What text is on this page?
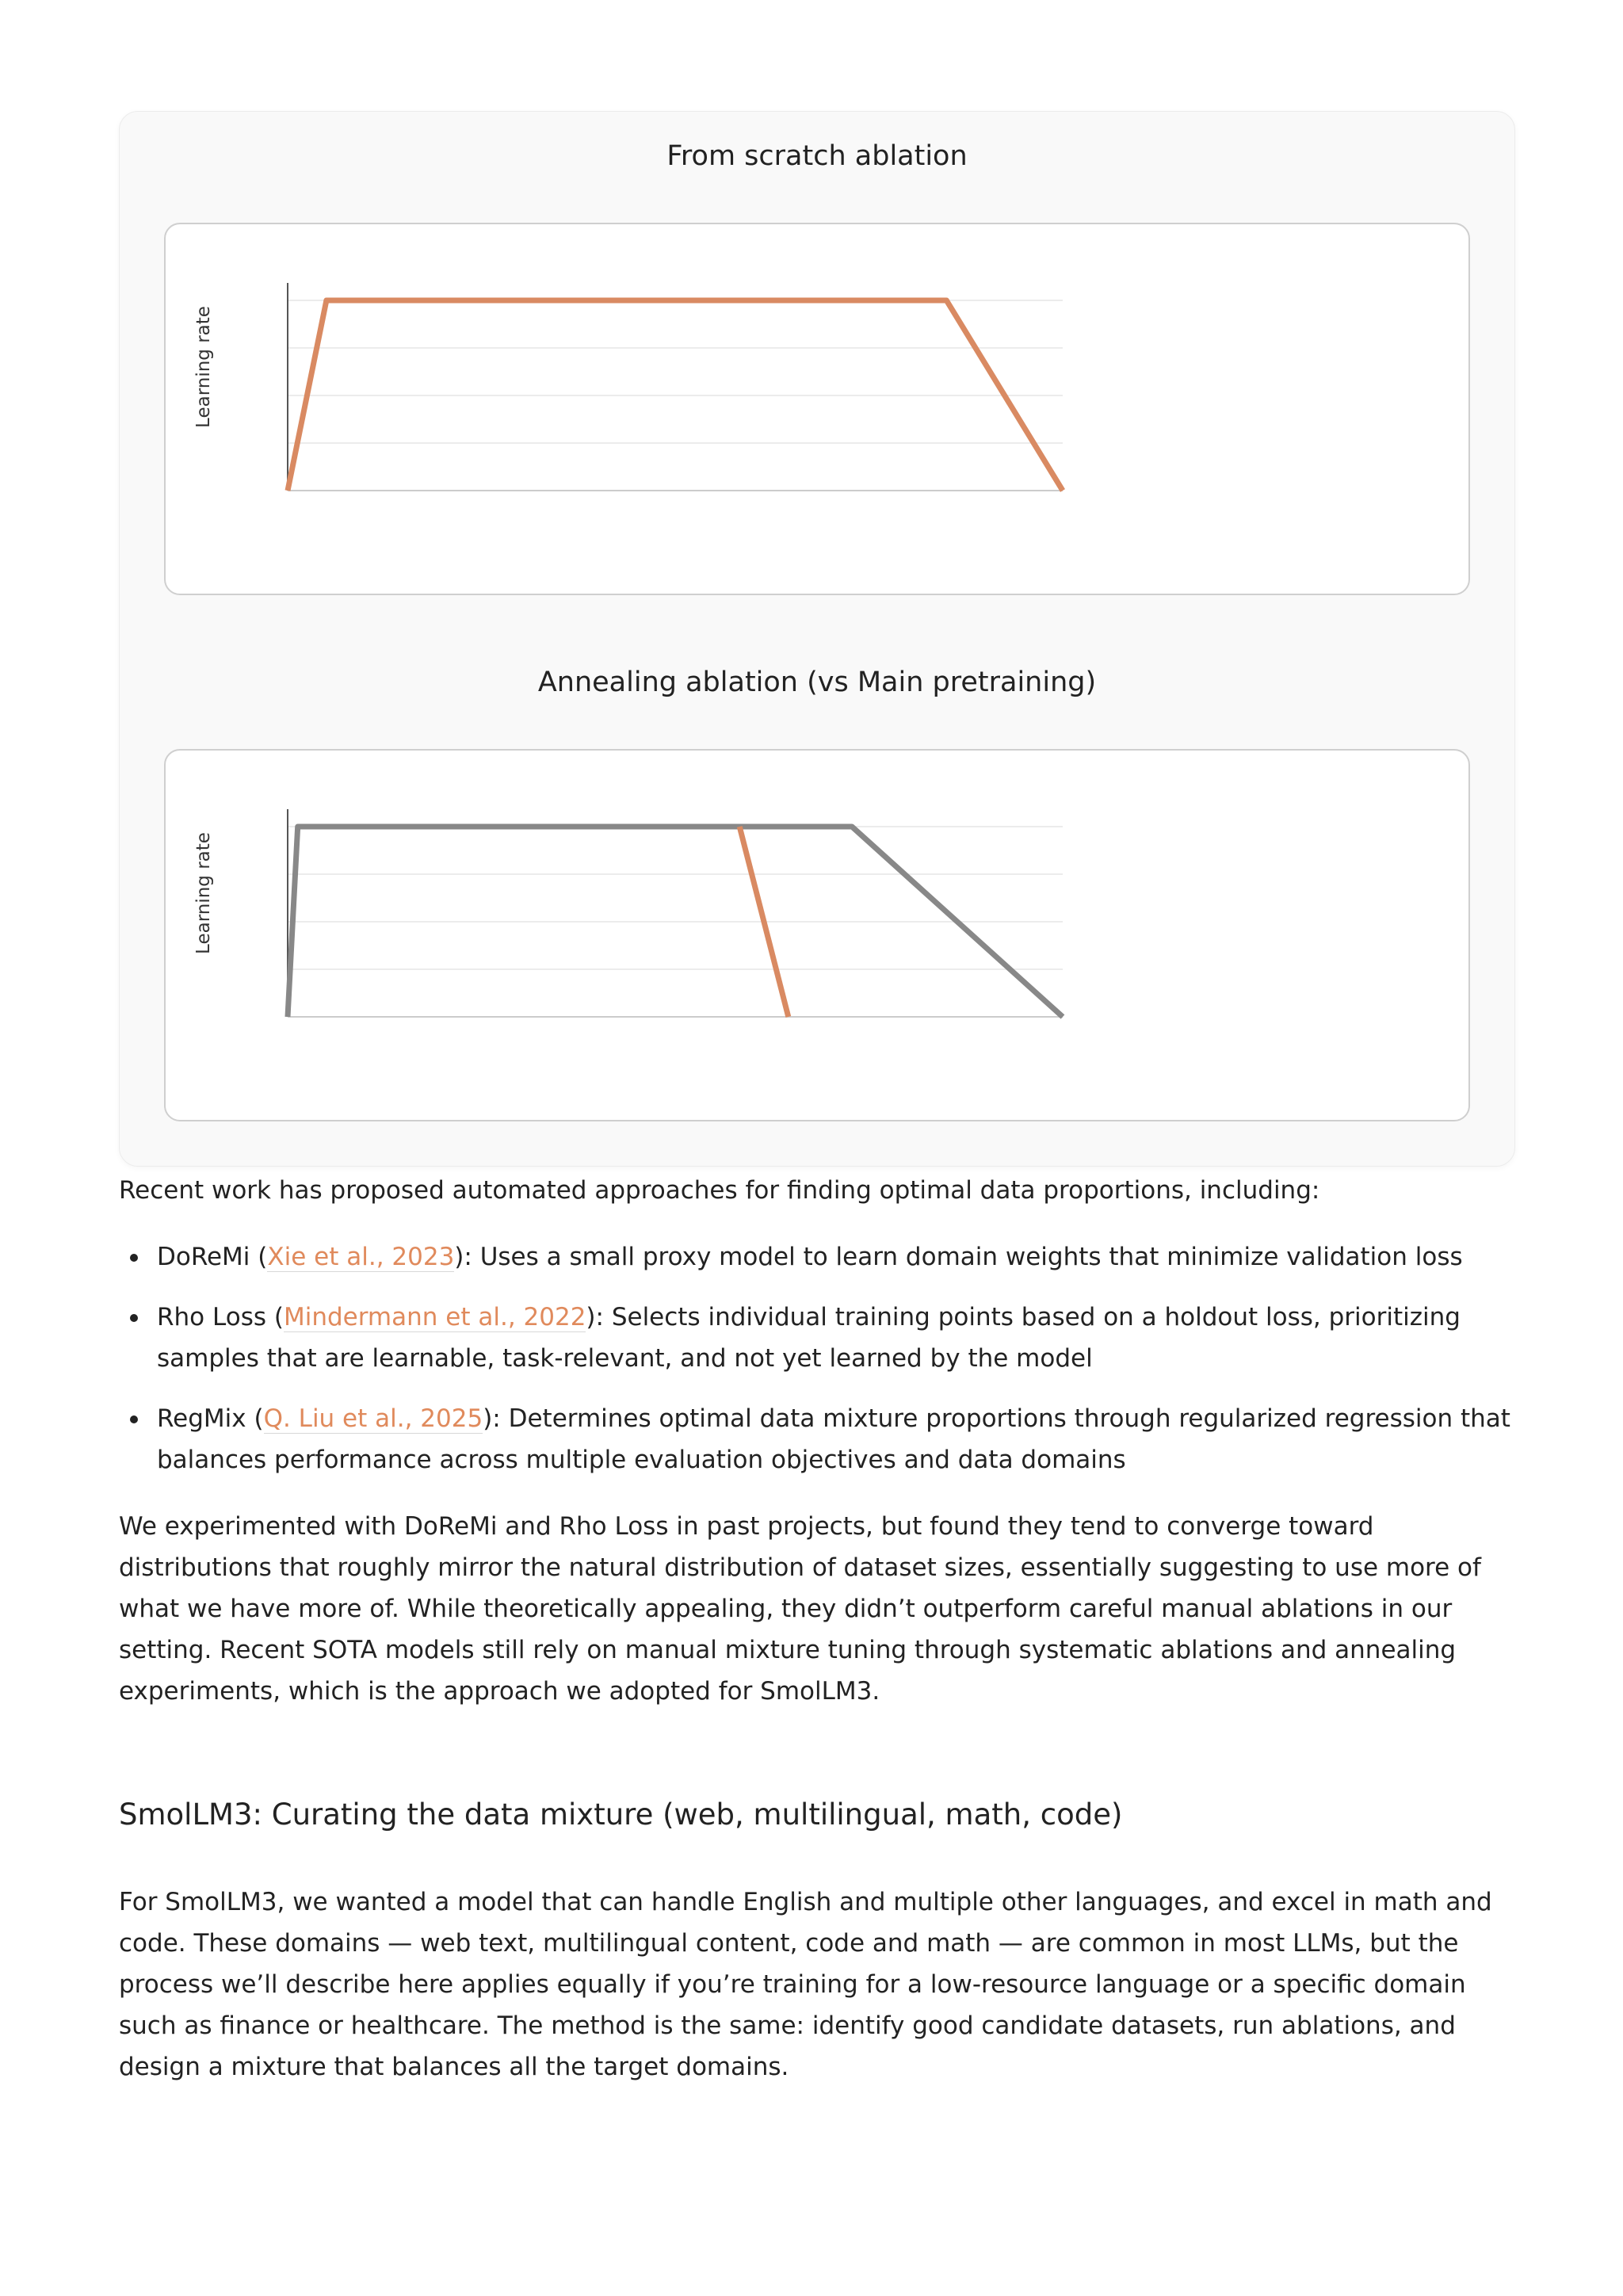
From scratch ablation
Learning rate
Annealing ablation (vs Main pretraining)
Learning rate

Recent work has proposed automated approaches for finding optimal data proportions, including:

DoReMi (Xie et al., 2023): Uses a small proxy model to learn domain weights that minimize validation loss
Rho Loss (Mindermann et al., 2022): Selects individual training points based on a holdout loss, prioritizing samples that are learnable, task-relevant, and not yet learned by the model
RegMix (Q. Liu et al., 2025): Determines optimal data mixture proportions through regularized regression that balances performance across multiple evaluation objectives and data domains

We experimented with DoReMi and Rho Loss in past projects, but found they tend to converge toward distributions that roughly mirror the natural distribution of dataset sizes, essentially suggesting to use more of what we have more of. While theoretically appealing, they didn’t outperform careful manual ablations in our setting. Recent SOTA models still rely on manual mixture tuning through systematic ablations and annealing experiments, which is the approach we adopted for SmolLM3.

SmolLM3: Curating the data mixture (web, multilingual, math, code)

For SmolLM3, we wanted a model that can handle English and multiple other languages, and excel in math and code. These domains — web text, multilingual content, code and math — are common in most LLMs, but the process we’ll describe here applies equally if you’re training for a low-resource language or a specific domain such as finance or healthcare. The method is the same: identify good candidate datasets, run ablations, and design a mixture that balances all the target domains.
